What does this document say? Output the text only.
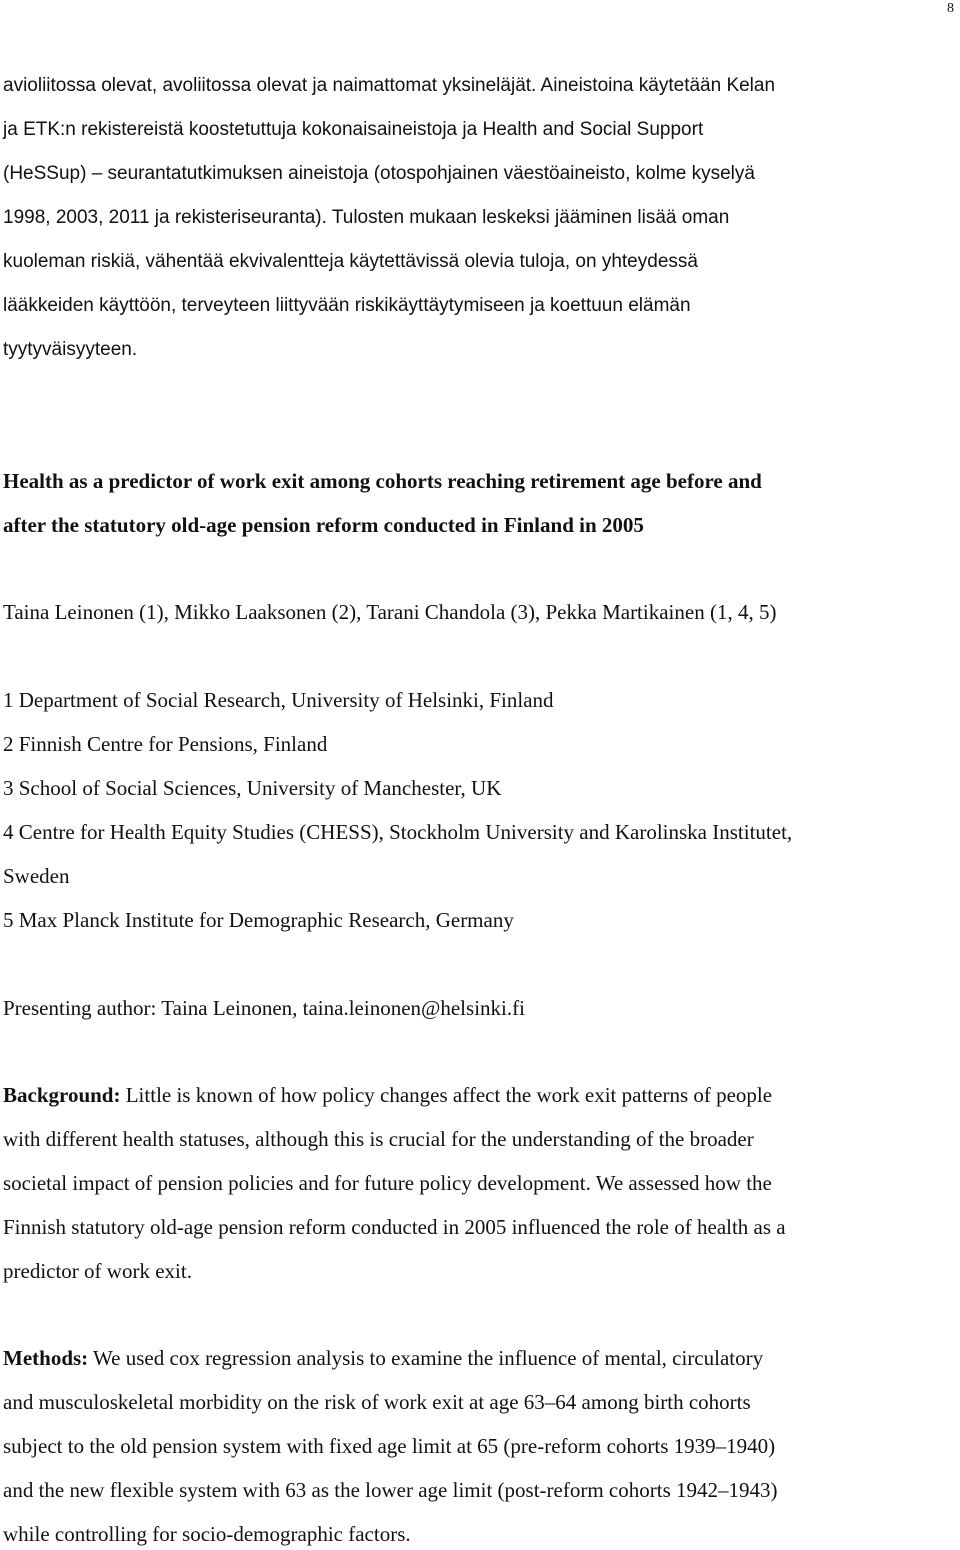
8
avioliitossa olevat, avoliitossa olevat ja naimattomat yksineläjät. Aineistoina käytetään Kelan
ja ETK:n rekistereistä koostetuttuja kokonaisaineistoja ja Health and Social Support
(HeSSup) – seurantatutkimuksen aineistoja (otospohjainen väestöaineisto, kolme kyselyä
1998, 2003, 2011 ja rekisteriseuranta). Tulosten mukaan leskeksi jääminen lisää oman
kuoleman riskiä, vähentää ekvivalentteja käytettävissä olevia tuloja, on yhteydessä
lääkkeiden käyttöön, terveyteen liittyvään riskikäyttäytymiseen ja koettuun elämän
tyytyväisyyteen.
Health as a predictor of work exit among cohorts reaching retirement age before and
after the statutory old-age pension reform conducted in Finland in 2005
Taina Leinonen (1), Mikko Laaksonen (2), Tarani Chandola (3), Pekka Martikainen (1, 4, 5)
1 Department of Social Research, University of Helsinki, Finland
2 Finnish Centre for Pensions, Finland
3 School of Social Sciences, University of Manchester, UK
4 Centre for Health Equity Studies (CHESS), Stockholm University and Karolinska Institutet,
Sweden
5 Max Planck Institute for Demographic Research, Germany
Presenting author: Taina Leinonen, taina.leinonen@helsinki.fi
Background: Little is known of how policy changes affect the work exit patterns of people
with different health statuses, although this is crucial for the understanding of the broader
societal impact of pension policies and for future policy development. We assessed how the
Finnish statutory old-age pension reform conducted in 2005 influenced the role of health as a
predictor of work exit.
Methods: We used cox regression analysis to examine the influence of mental, circulatory
and musculoskeletal morbidity on the risk of work exit at age 63–64 among birth cohorts
subject to the old pension system with fixed age limit at 65 (pre-reform cohorts 1939–1940)
and the new flexible system with 63 as the lower age limit (post-reform cohorts 1942–1943)
while controlling for socio-demographic factors.
